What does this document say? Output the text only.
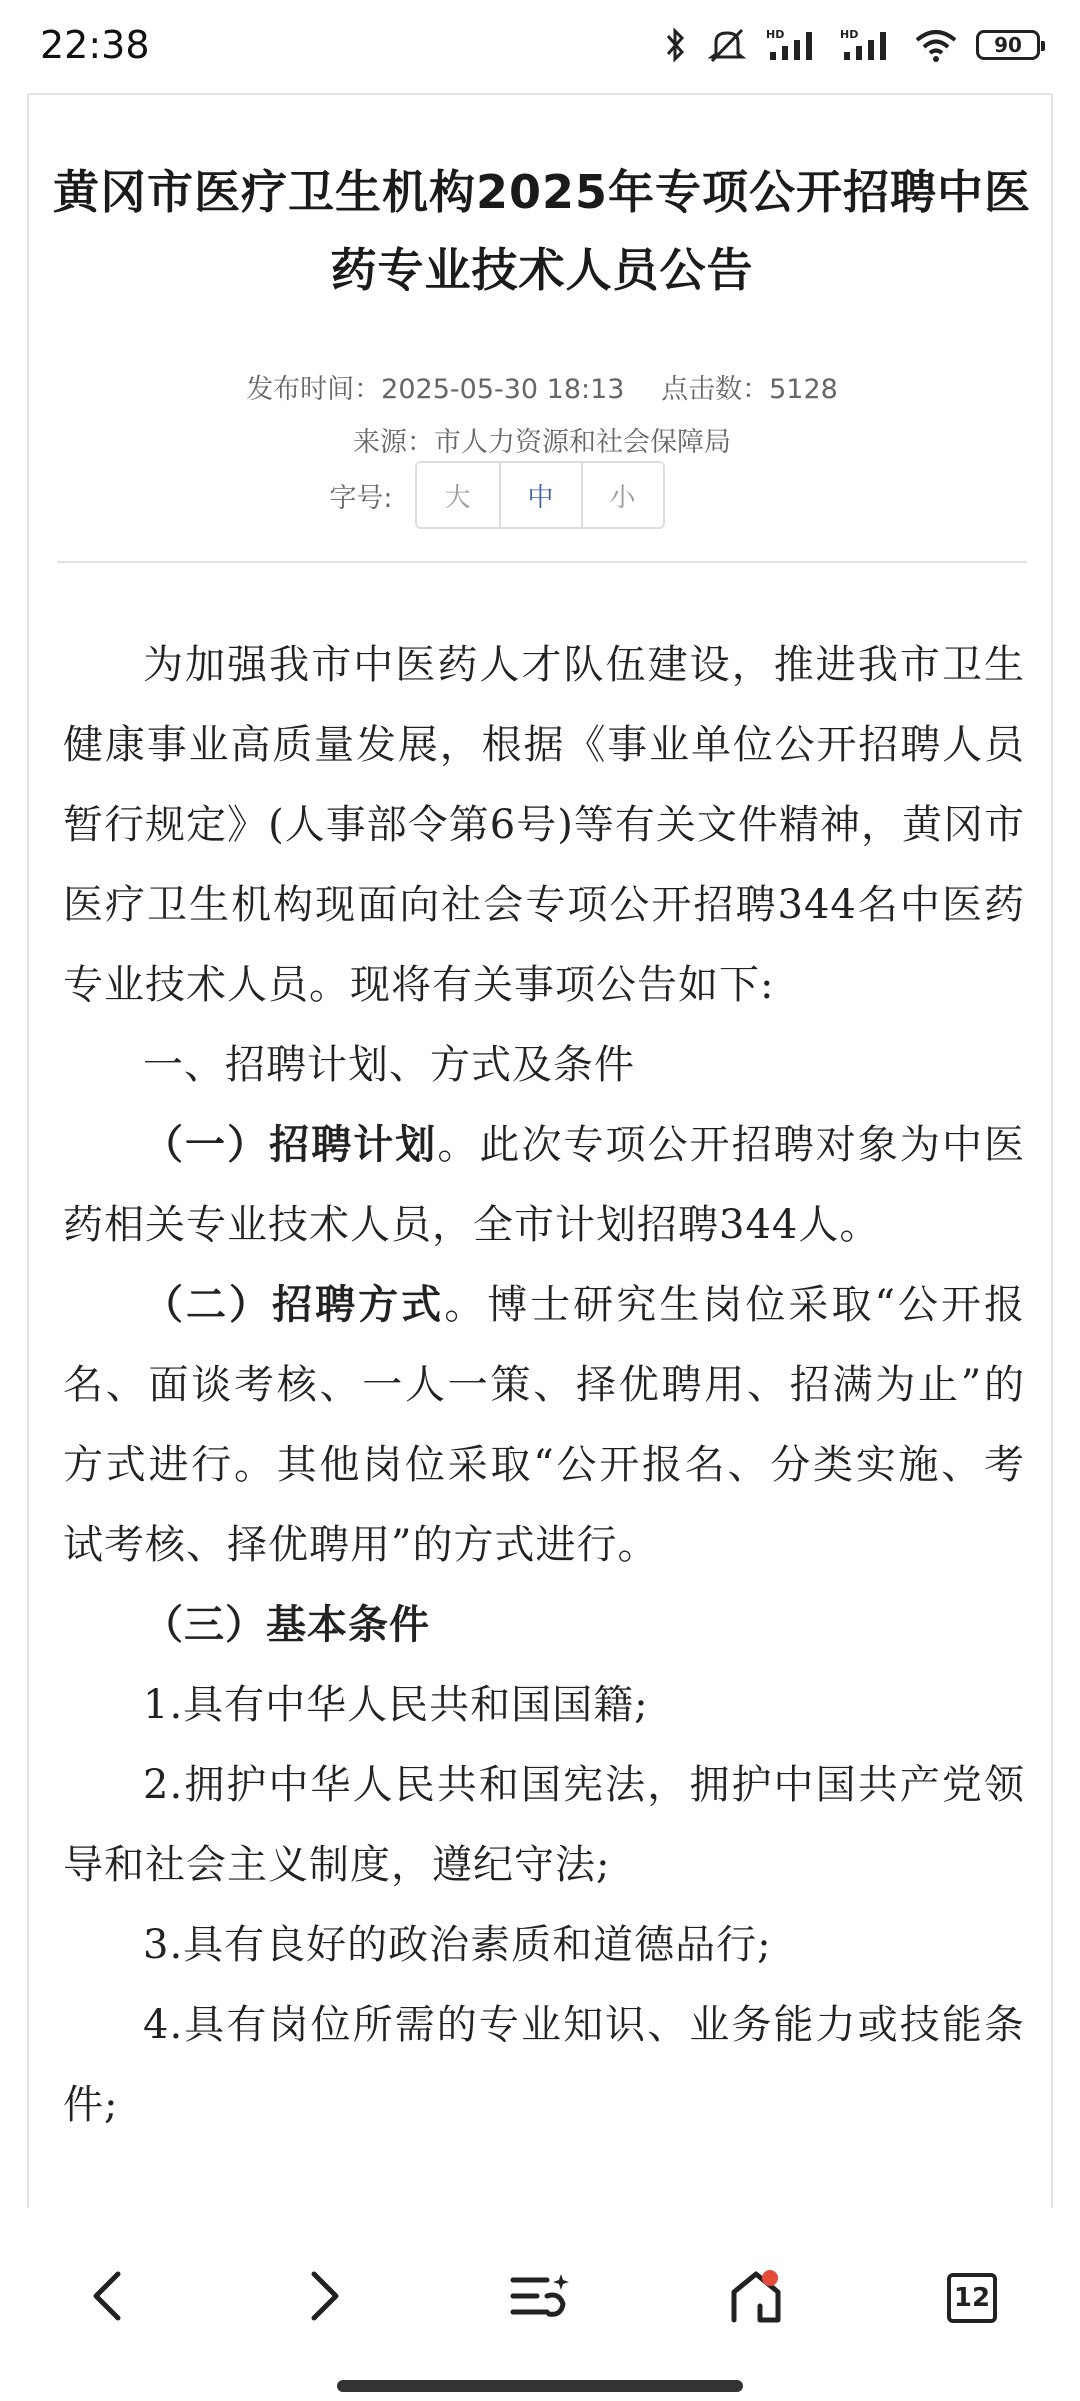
22:38	HD	HD	90
黄冈市医疗卫生机构2025年专项公开招聘中医药专业技术人员公告
发布时间：2025-05-30 18:13 点击数：5128
来源：市人力资源和社会保障局
字号:	大	中	小

为加强我市中医药人才队伍建设，推进我市卫生健康事业高质量发展，根据《事业单位公开招聘人员暂行规定》(人事部令第6号)等有关文件精神，黄冈市医疗卫生机构现面向社会专项公开招聘344名中医药专业技术人员。现将有关事项公告如下:

一、招聘计划、方式及条件

（一）招聘计划。此次专项公开招聘对象为中医药相关专业技术人员，全市计划招聘344人。

（二）招聘方式。博士研究生岗位采取“公开报名、面谈考核、一人一策、择优聘用、招满为止”的方式进行。其他岗位采取“公开报名、分类实施、考试考核、择优聘用”的方式进行。

（三）基本条件

1.具有中华人民共和国国籍;

2.拥护中华人民共和国宪法，拥护中国共产党领导和社会主义制度，遵纪守法;

3.具有良好的政治素质和道德品行;

4.具有岗位所需的专业知识、业务能力或技能条件;

12
